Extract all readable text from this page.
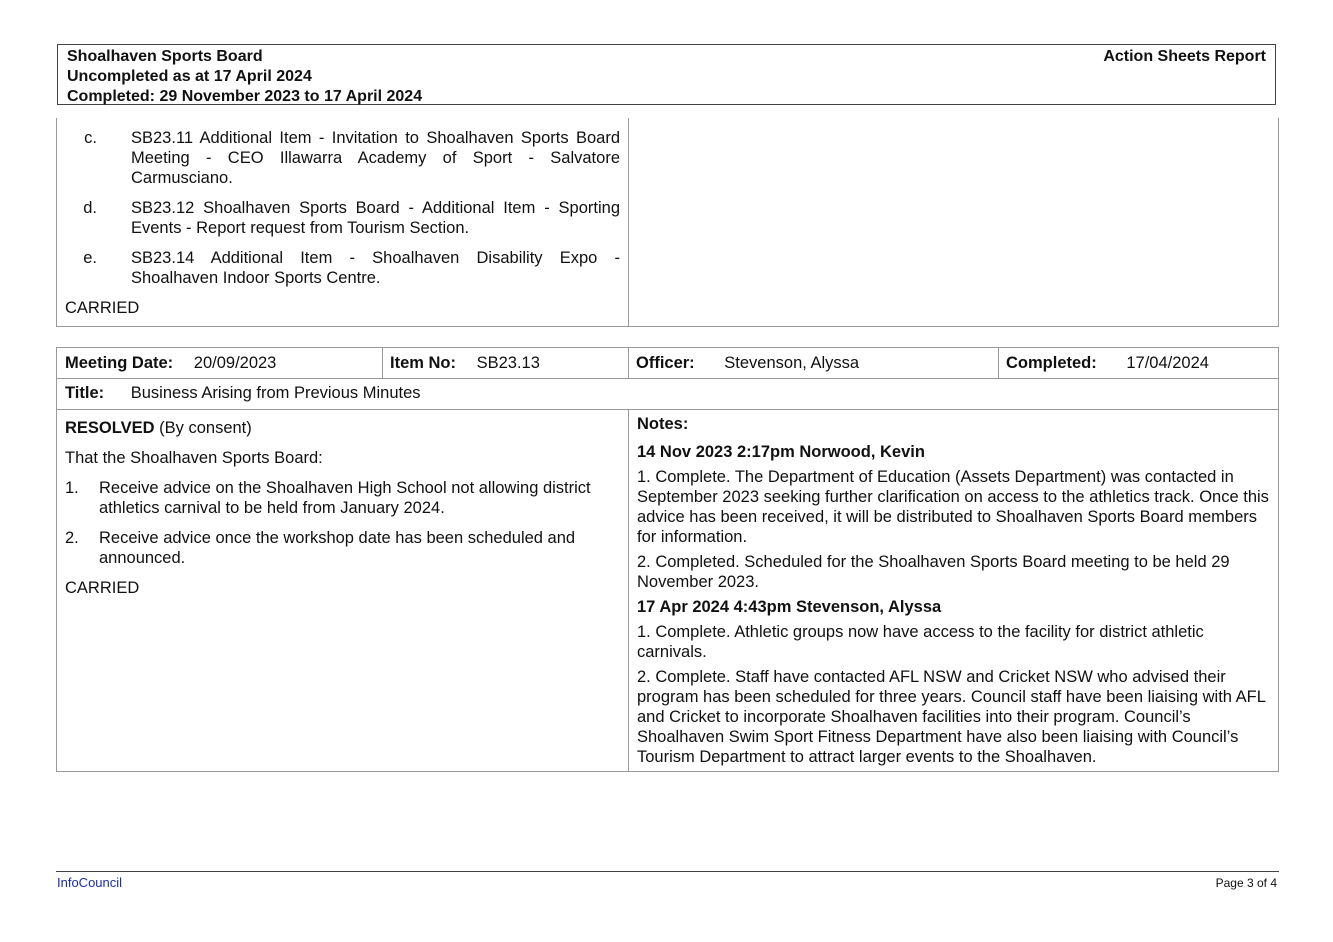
Shoalhaven Sports Board
Uncompleted as at 17 April 2024
Completed: 29 November 2023 to 17 April 2024
Action Sheets Report
c.	SB23.11 Additional Item - Invitation to Shoalhaven Sports Board Meeting - CEO Illawarra Academy of Sport - Salvatore Carmusciano.
d.	SB23.12 Shoalhaven Sports Board - Additional Item - Sporting Events - Report request from Tourism Section.
e.	SB23.14 Additional Item - Shoalhaven Disability Expo - Shoalhaven Indoor Sports Centre.
CARRIED
Meeting Date: 20/09/2023	Item No: SB23.13	Officer: Stevenson, Alyssa	Completed: 17/04/2024
Title: Business Arising from Previous Minutes

RESOLVED (By consent)

That the Shoalhaven Sports Board:

1.	Receive advice on the Shoalhaven High School not allowing district athletics carnival to be held from January 2024.
2.	Receive advice once the workshop date has been scheduled and announced.

CARRIED

Notes:
14 Nov 2023 2:17pm Norwood, Kevin

1. Complete. The Department of Education (Assets Department) was contacted in September 2023 seeking further clarification on access to the athletics track. Once this advice has been received, it will be distributed to Shoalhaven Sports Board members for information.

2. Completed. Scheduled for the Shoalhaven Sports Board meeting to be held 29 November 2023.

17 Apr 2024 4:43pm Stevenson, Alyssa

1. Complete. Athletic groups now have access to the facility for district athletic carnivals.

2. Complete. Staff have contacted AFL NSW and Cricket NSW who advised their program has been scheduled for three years. Council staff have been liaising with AFL and Cricket to incorporate Shoalhaven facilities into their program. Council’s Shoalhaven Swim Sport Fitness Department have also been liaising with Council’s Tourism Department to attract larger events to the Shoalhaven.

InfoCouncil	Page 3 of 4
